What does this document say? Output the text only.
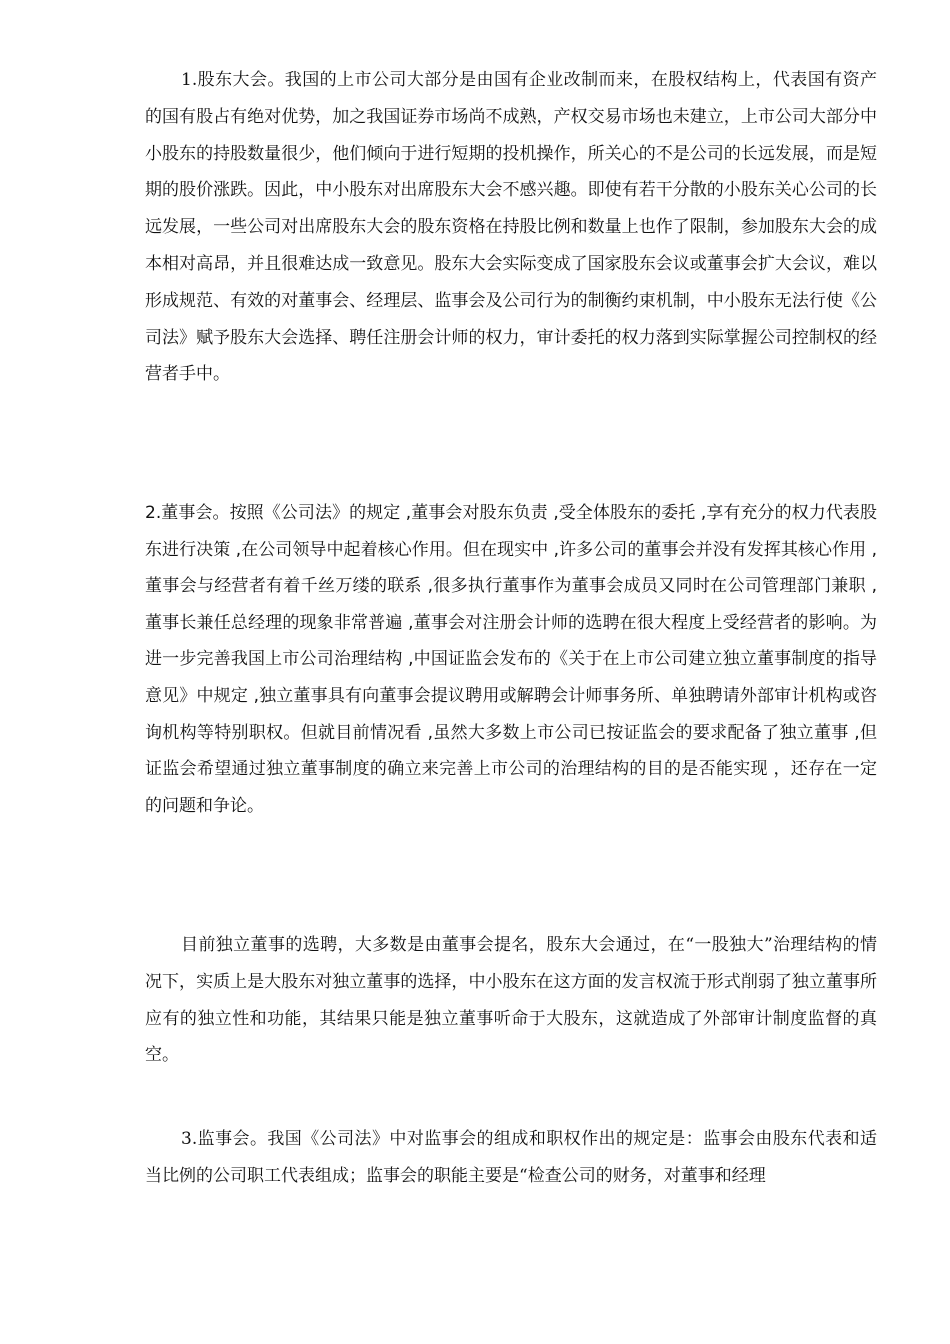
1.股东大会。我国的上市公司大部分是由国有企业改制而来，在股权结构上，代表国有资产的国有股占有绝对优势，加之我国证券市场尚不成熟，产权交易市场也未建立，上市公司大部分中小股东的持股数量很少，他们倾向于进行短期的投机操作，所关心的不是公司的长远发展，而是短期的股价涨跌。因此，中小股东对出席股东大会不感兴趣。即使有若干分散的小股东关心公司的长远发展，一些公司对出席股东大会的股东资格在持股比例和数量上也作了限制，参加股东大会的成本相对高昂，并且很难达成一致意见。股东大会实际变成了国家股东会议或董事会扩大会议，难以形成规范、有效的对董事会、经理层、监事会及公司行为的制衡约束机制，中小股东无法行使《公司法》赋予股东大会选择、聘任注册会计师的权力，审计委托的权力落到实际掌握公司控制权的经营者手中。

2.董事会。按照《公司法》的规定 ,董事会对股东负责 ,受全体股东的委托 ,享有充分的权力代表股东进行决策 ,在公司领导中起着核心作用。但在现实中 ,许多公司的董事会并没有发挥其核心作用 ,董事会与经营者有着千丝万缕的联系 ,很多执行董事作为董事会成员又同时在公司管理部门兼职 ,董事长兼任总经理的现象非常普遍 ,董事会对注册会计师的选聘在很大程度上受经营者的影响。为进一步完善我国上市公司治理结构 ,中国证监会发布的《关于在上市公司建立独立董事制度的指导意见》中规定 ,独立董事具有向董事会提议聘用或解聘会计师事务所、单独聘请外部审计机构或咨询机构等特别职权。但就目前情况看 ,虽然大多数上市公司已按证监会的要求配备了独立董事 ,但证监会希望通过独立董事制度的确立来完善上市公司的治理结构的目的是否能实现 ，还存在一定的问题和争论。

目前独立董事的选聘，大多数是由董事会提名，股东大会通过，在“一股独大”治理结构的情况下，实质上是大股东对独立董事的选择，中小股东在这方面的发言权流于形式削弱了独立董事所应有的独立性和功能，其结果只能是独立董事听命于大股东，这就造成了外部审计制度监督的真空。

3.监事会。我国《公司法》中对监事会的组成和职权作出的规定是：监事会由股东代表和适当比例的公司职工代表组成；监事会的职能主要是“检查公司的财务，对董事和经理
